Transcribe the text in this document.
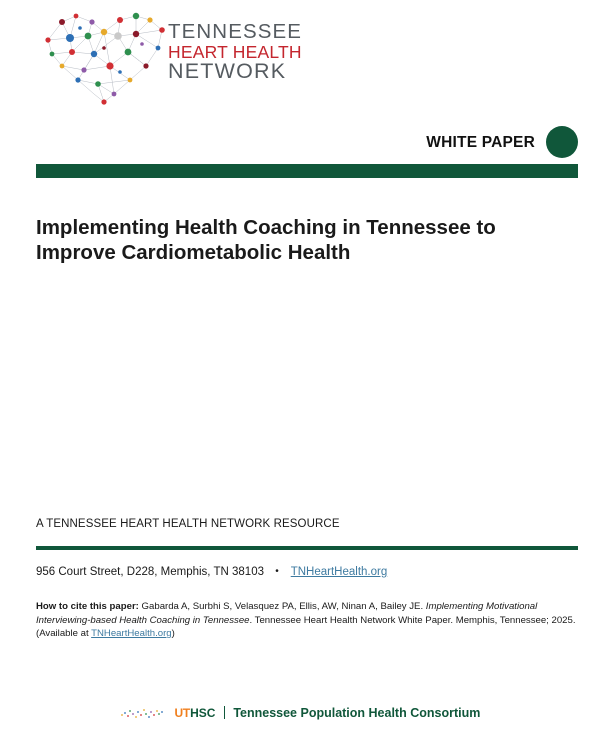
TENNESSEE
HEART HEALTH
NETWORK
WHITE PAPER
Implementing Health Coaching in Tennessee to Improve Cardiometabolic Health
A TENNESSEE HEART HEALTH NETWORK RESOURCE
956 Court Street, D228, Memphis, TN 38103 • TNHeartHealth.org
How to cite this paper: Gabarda A, Surbhi S, Velasquez PA, Ellis, AW, Ninan A, Bailey JE. Implementing Motivational Interviewing-based Health Coaching in Tennessee. Tennessee Heart Health Network White Paper. Memphis, Tennessee; 2025. (Available at TNHeartHealth.org)
UTHSC Tennessee Population Health Consortium
